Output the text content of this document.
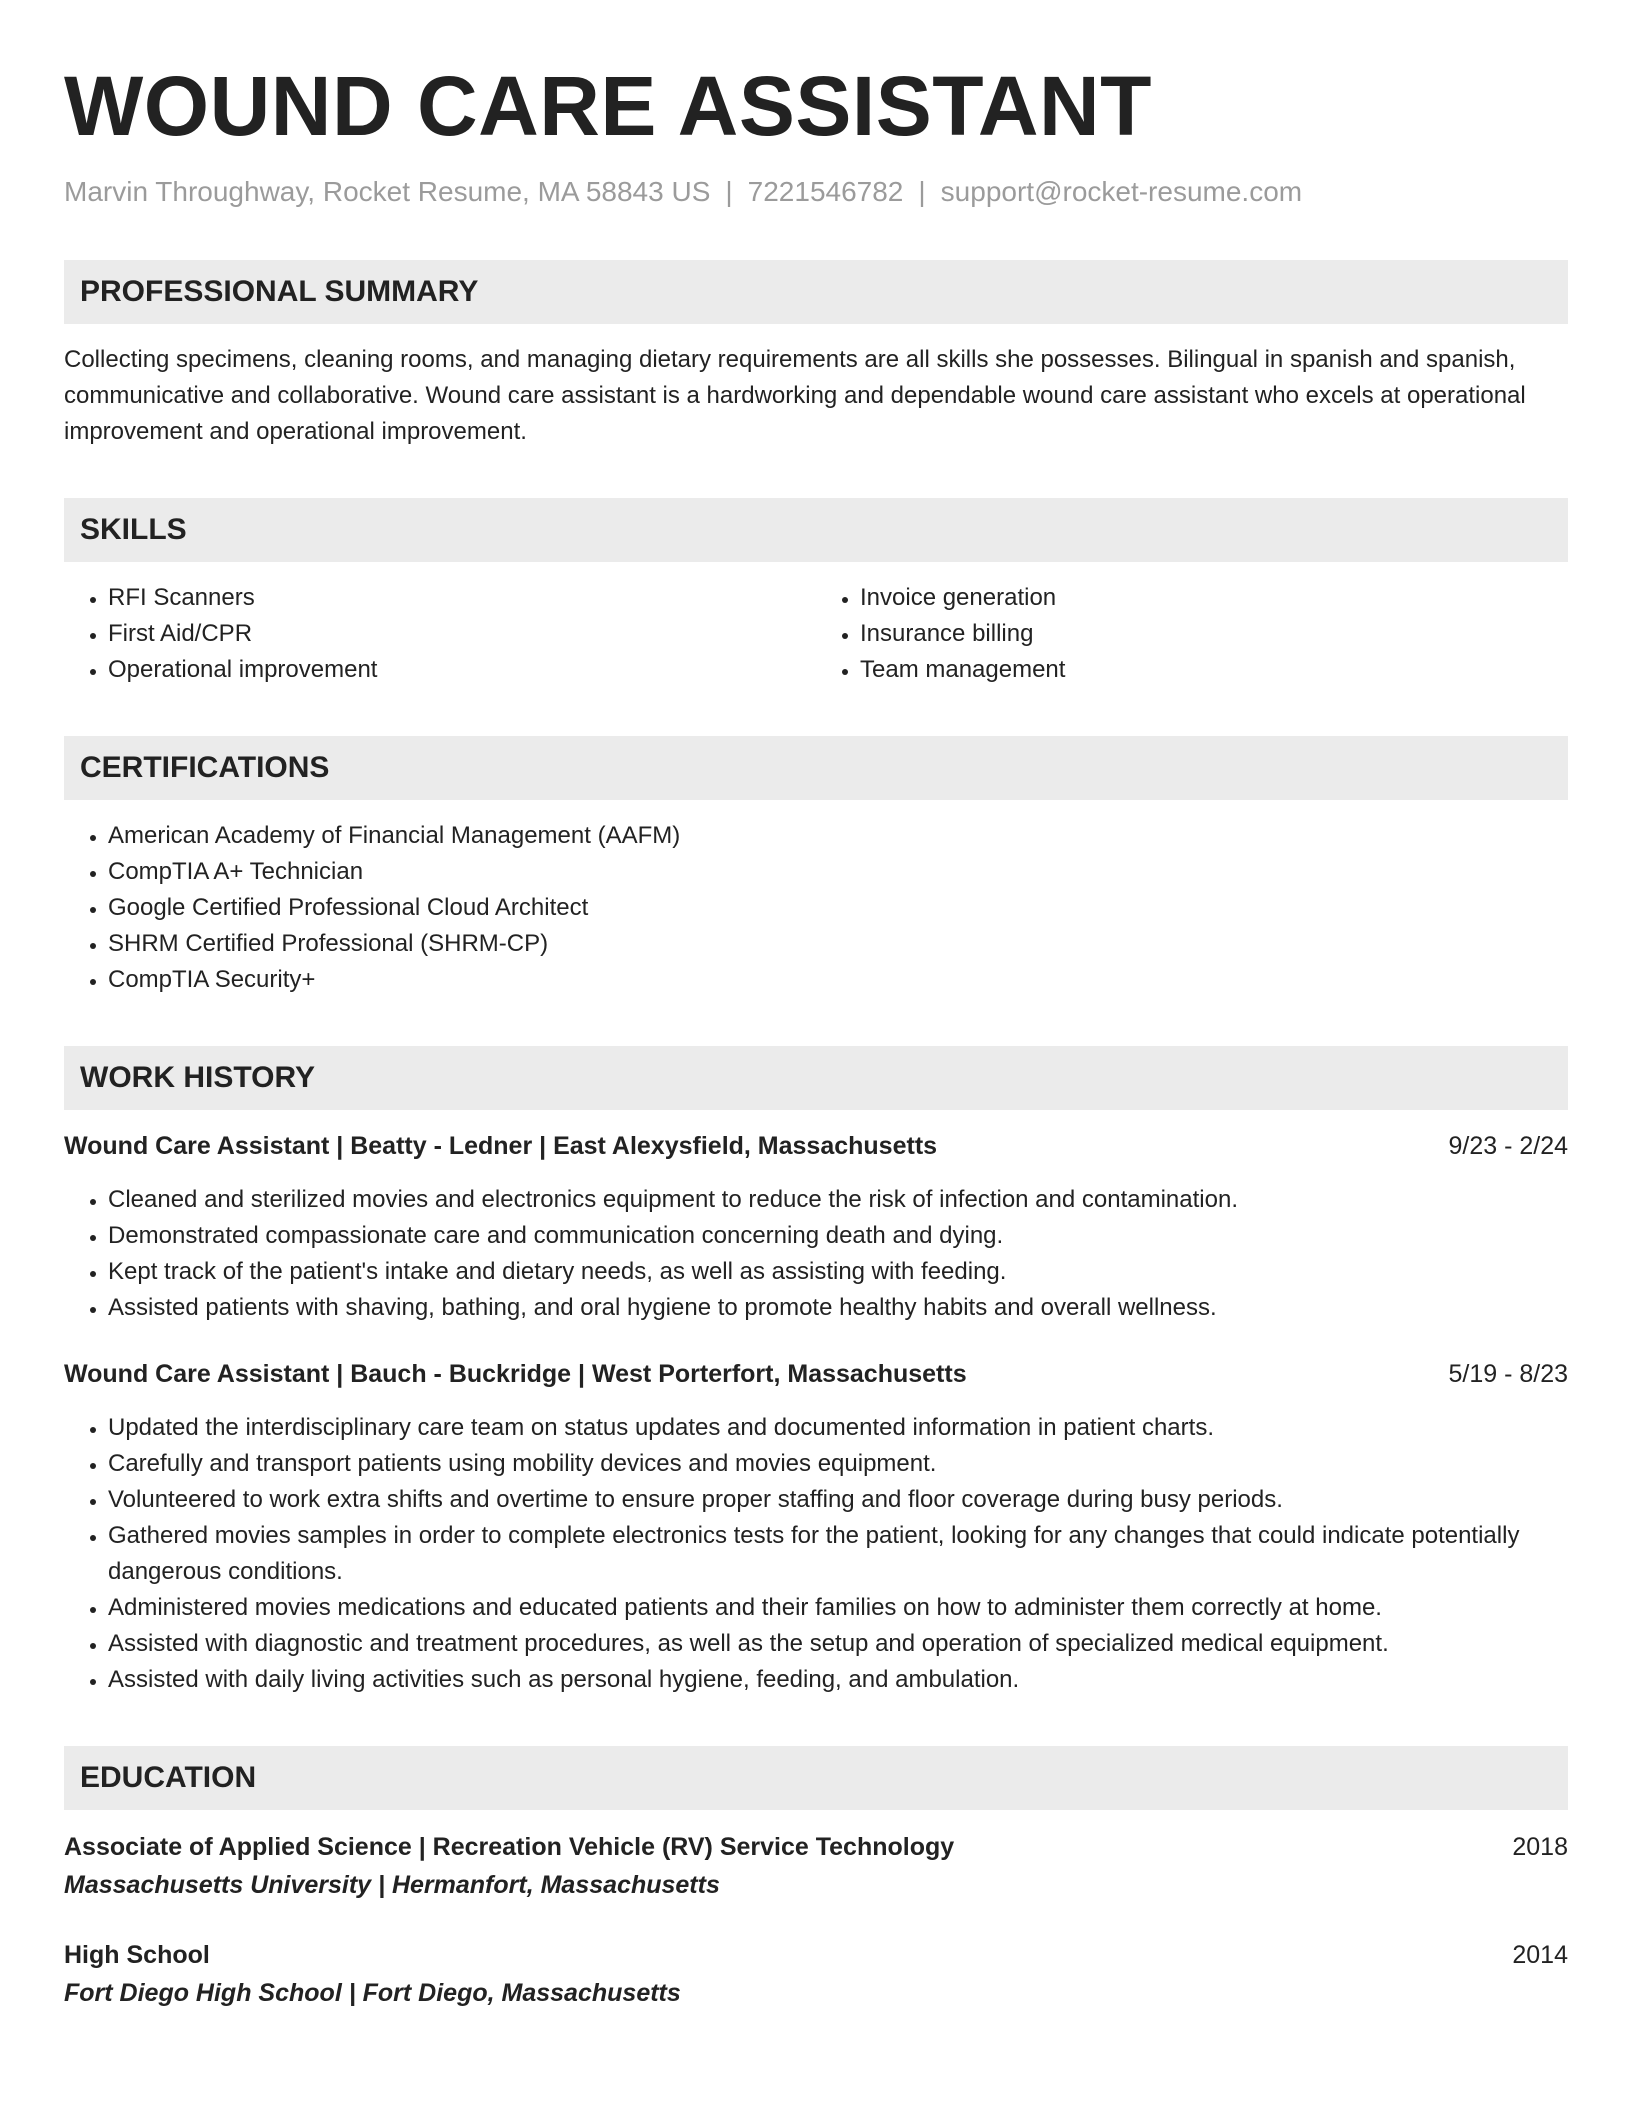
WOUND CARE ASSISTANT
Marvin Throughway, Rocket Resume, MA 58843 US | 7221546782 | support@rocket-resume.com
PROFESSIONAL SUMMARY

Collecting specimens, cleaning rooms, and managing dietary requirements are all skills she possesses. Bilingual in spanish and spanish, communicative and collaborative. Wound care assistant is a hardworking and dependable wound care assistant who excels at operational improvement and operational improvement.

SKILLS
• RFI Scanners
• First Aid/CPR
• Operational improvement
• Invoice generation
• Insurance billing
• Team management
CERTIFICATIONS
• American Academy of Financial Management (AAFM)
• CompTIA A+ Technician
• Google Certified Professional Cloud Architect
• SHRM Certified Professional (SHRM-CP)
• CompTIA Security+
WORK HISTORY
Wound Care Assistant | Beatty - Ledner | East Alexysfield, Massachusetts	9/23 - 2/24
• Cleaned and sterilized movies and electronics equipment to reduce the risk of infection and contamination.
• Demonstrated compassionate care and communication concerning death and dying.
• Kept track of the patient's intake and dietary needs, as well as assisting with feeding.
• Assisted patients with shaving, bathing, and oral hygiene to promote healthy habits and overall wellness.
Wound Care Assistant | Bauch - Buckridge | West Porterfort, Massachusetts	5/19 - 8/23
• Updated the interdisciplinary care team on status updates and documented information in patient charts.
• Carefully and transport patients using mobility devices and movies equipment.
• Volunteered to work extra shifts and overtime to ensure proper staffing and floor coverage during busy periods.
• Gathered movies samples in order to complete electronics tests for the patient, looking for any changes that could indicate potentially dangerous conditions.
• Administered movies medications and educated patients and their families on how to administer them correctly at home.
• Assisted with diagnostic and treatment procedures, as well as the setup and operation of specialized medical equipment.
• Assisted with daily living activities such as personal hygiene, feeding, and ambulation.
EDUCATION
Associate of Applied Science | Recreation Vehicle (RV) Service Technology	2018
Massachusetts University | Hermanfort, Massachusetts
High School	2014
Fort Diego High School | Fort Diego, Massachusetts
